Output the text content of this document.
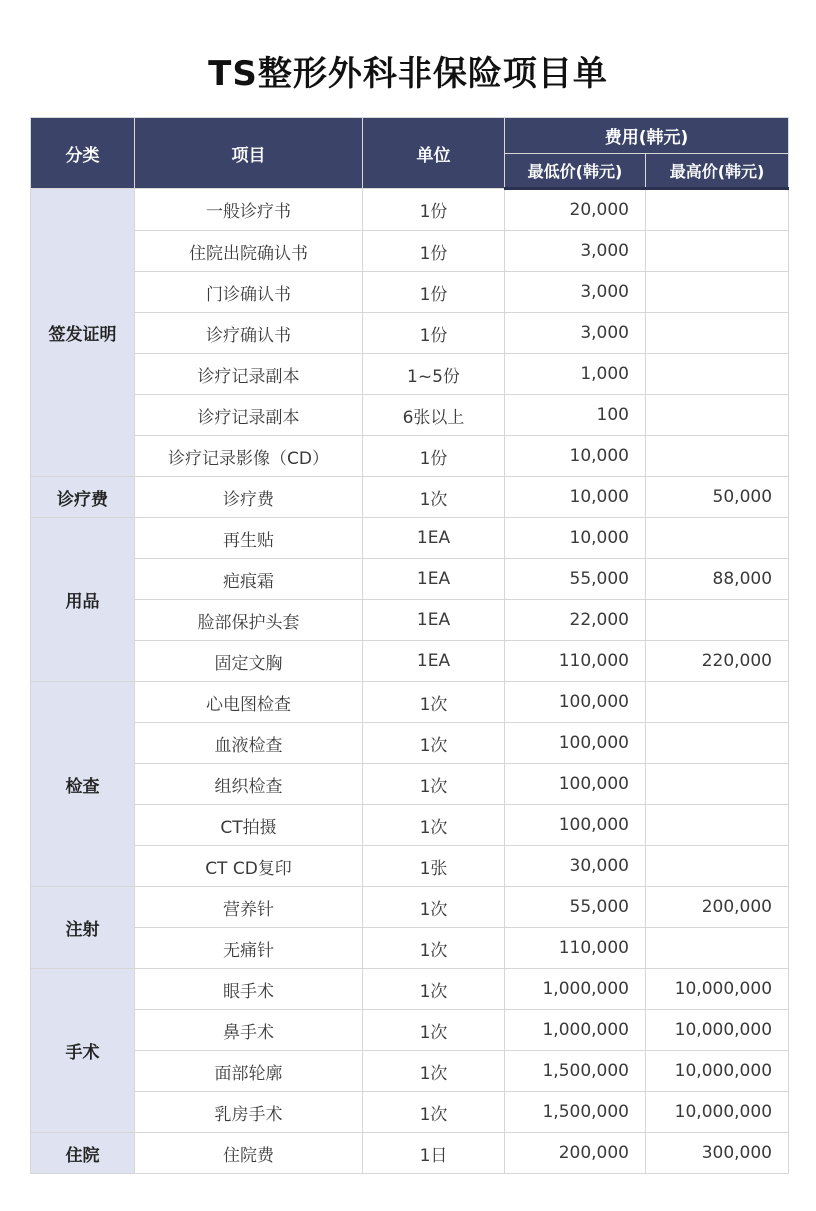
TS整形外科非保险项目单
分类	项目	单位	费用(韩元)	
			最低价(韩元)	最高价(韩元)
签发证明	一般诊疗书	1份	20,000	
	住院出院确认书	1份	3,000	
	门诊确认书	1份	3,000	
	诊疗确认书	1份	3,000	
	诊疗记录副本	1~5份	1,000	
	诊疗记录副本	6张以上	100	
	诊疗记录影像（CD）	1份	10,000	
诊疗费	诊疗费	1次	10,000	50,000
用品	再生贴	1EA	10,000	
	疤痕霜	1EA	55,000	88,000
	脸部保护头套	1EA	22,000	
	固定文胸	1EA	110,000	220,000
检查	心电图检查	1次	100,000	
	血液检查	1次	100,000	
	组织检查	1次	100,000	
	CT拍摄	1次	100,000	
	CT CD复印	1张	30,000	
注射	营养针	1次	55,000	200,000
	无痛针	1次	110,000	
手术	眼手术	1次	1,000,000	10,000,000
	鼻手术	1次	1,000,000	10,000,000
	面部轮廓	1次	1,500,000	10,000,000
	乳房手术	1次	1,500,000	10,000,000
住院	住院费	1日	200,000	300,000
